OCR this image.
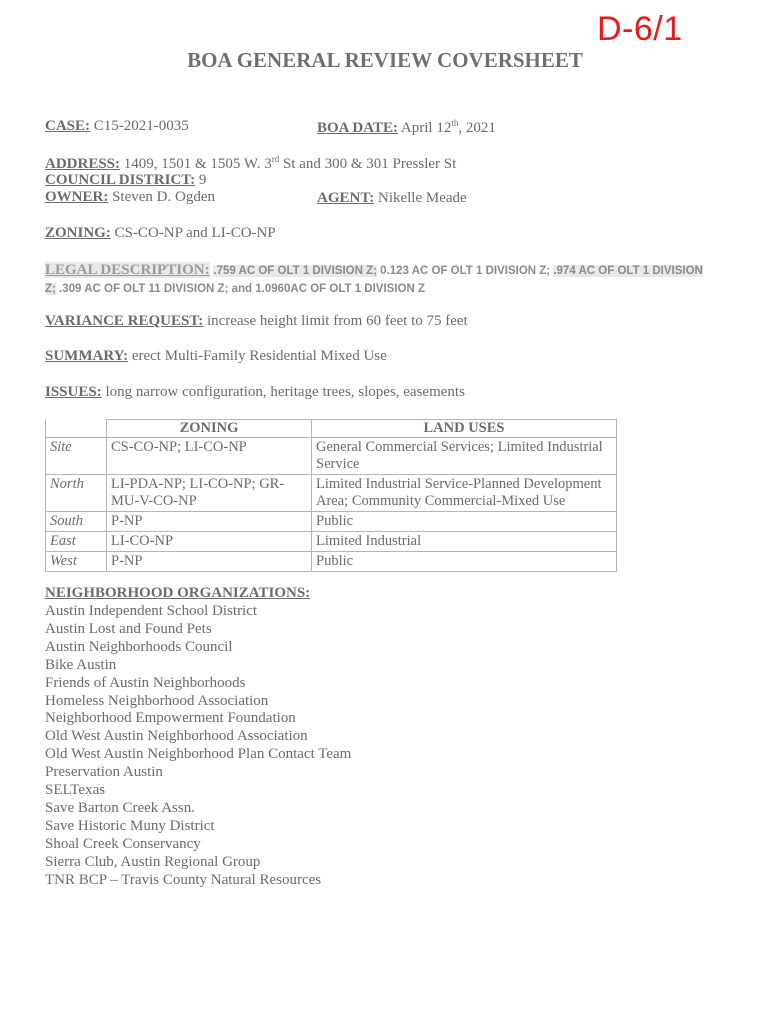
D-6/1
BOA GENERAL REVIEW COVERSHEET
CASE: C15-2021-0035	BOA DATE: April 12th, 2021
ADDRESS: 1409, 1501 & 1505 W. 3rd St and 300 & 301 Pressler St
COUNCIL DISTRICT: 9
OWNER: Steven D. Ogden	AGENT: Nikelle Meade
ZONING: CS-CO-NP and LI-CO-NP
LEGAL DESCRIPTION: .759 AC OF OLT 1 DIVISION Z; 0.123 AC OF OLT 1 DIVISION Z; .974 AC OF OLT 1 DIVISION
Z; .309 AC OF OLT 11 DIVISION Z; and 1.0960AC OF OLT 1 DIVISION Z
VARIANCE REQUEST: increase height limit from 60 feet to 75 feet
SUMMARY: erect Multi-Family Residential Mixed Use
ISSUES: long narrow configuration, heritage trees, slopes, easements
	ZONING	LAND USES
Site	CS-CO-NP; LI-CO-NP	General Commercial Services; Limited Industrial Service
North	LI-PDA-NP; LI-CO-NP; GR-MU-V-CO-NP	Limited Industrial Service-Planned Development Area; Community Commercial-Mixed Use
South	P-NP	Public
East	LI-CO-NP	Limited Industrial
West	P-NP	Public
NEIGHBORHOOD ORGANIZATIONS:
Austin Independent School District
Austin Lost and Found Pets
Austin Neighborhoods Council
Bike Austin
Friends of Austin Neighborhoods
Homeless Neighborhood Association
Neighborhood Empowerment Foundation
Old West Austin Neighborhood Association
Old West Austin Neighborhood Plan Contact Team
Preservation Austin
SELTexas
Save Barton Creek Assn.
Save Historic Muny District
Shoal Creek Conservancy
Sierra Club, Austin Regional Group
TNR BCP – Travis County Natural Resources
